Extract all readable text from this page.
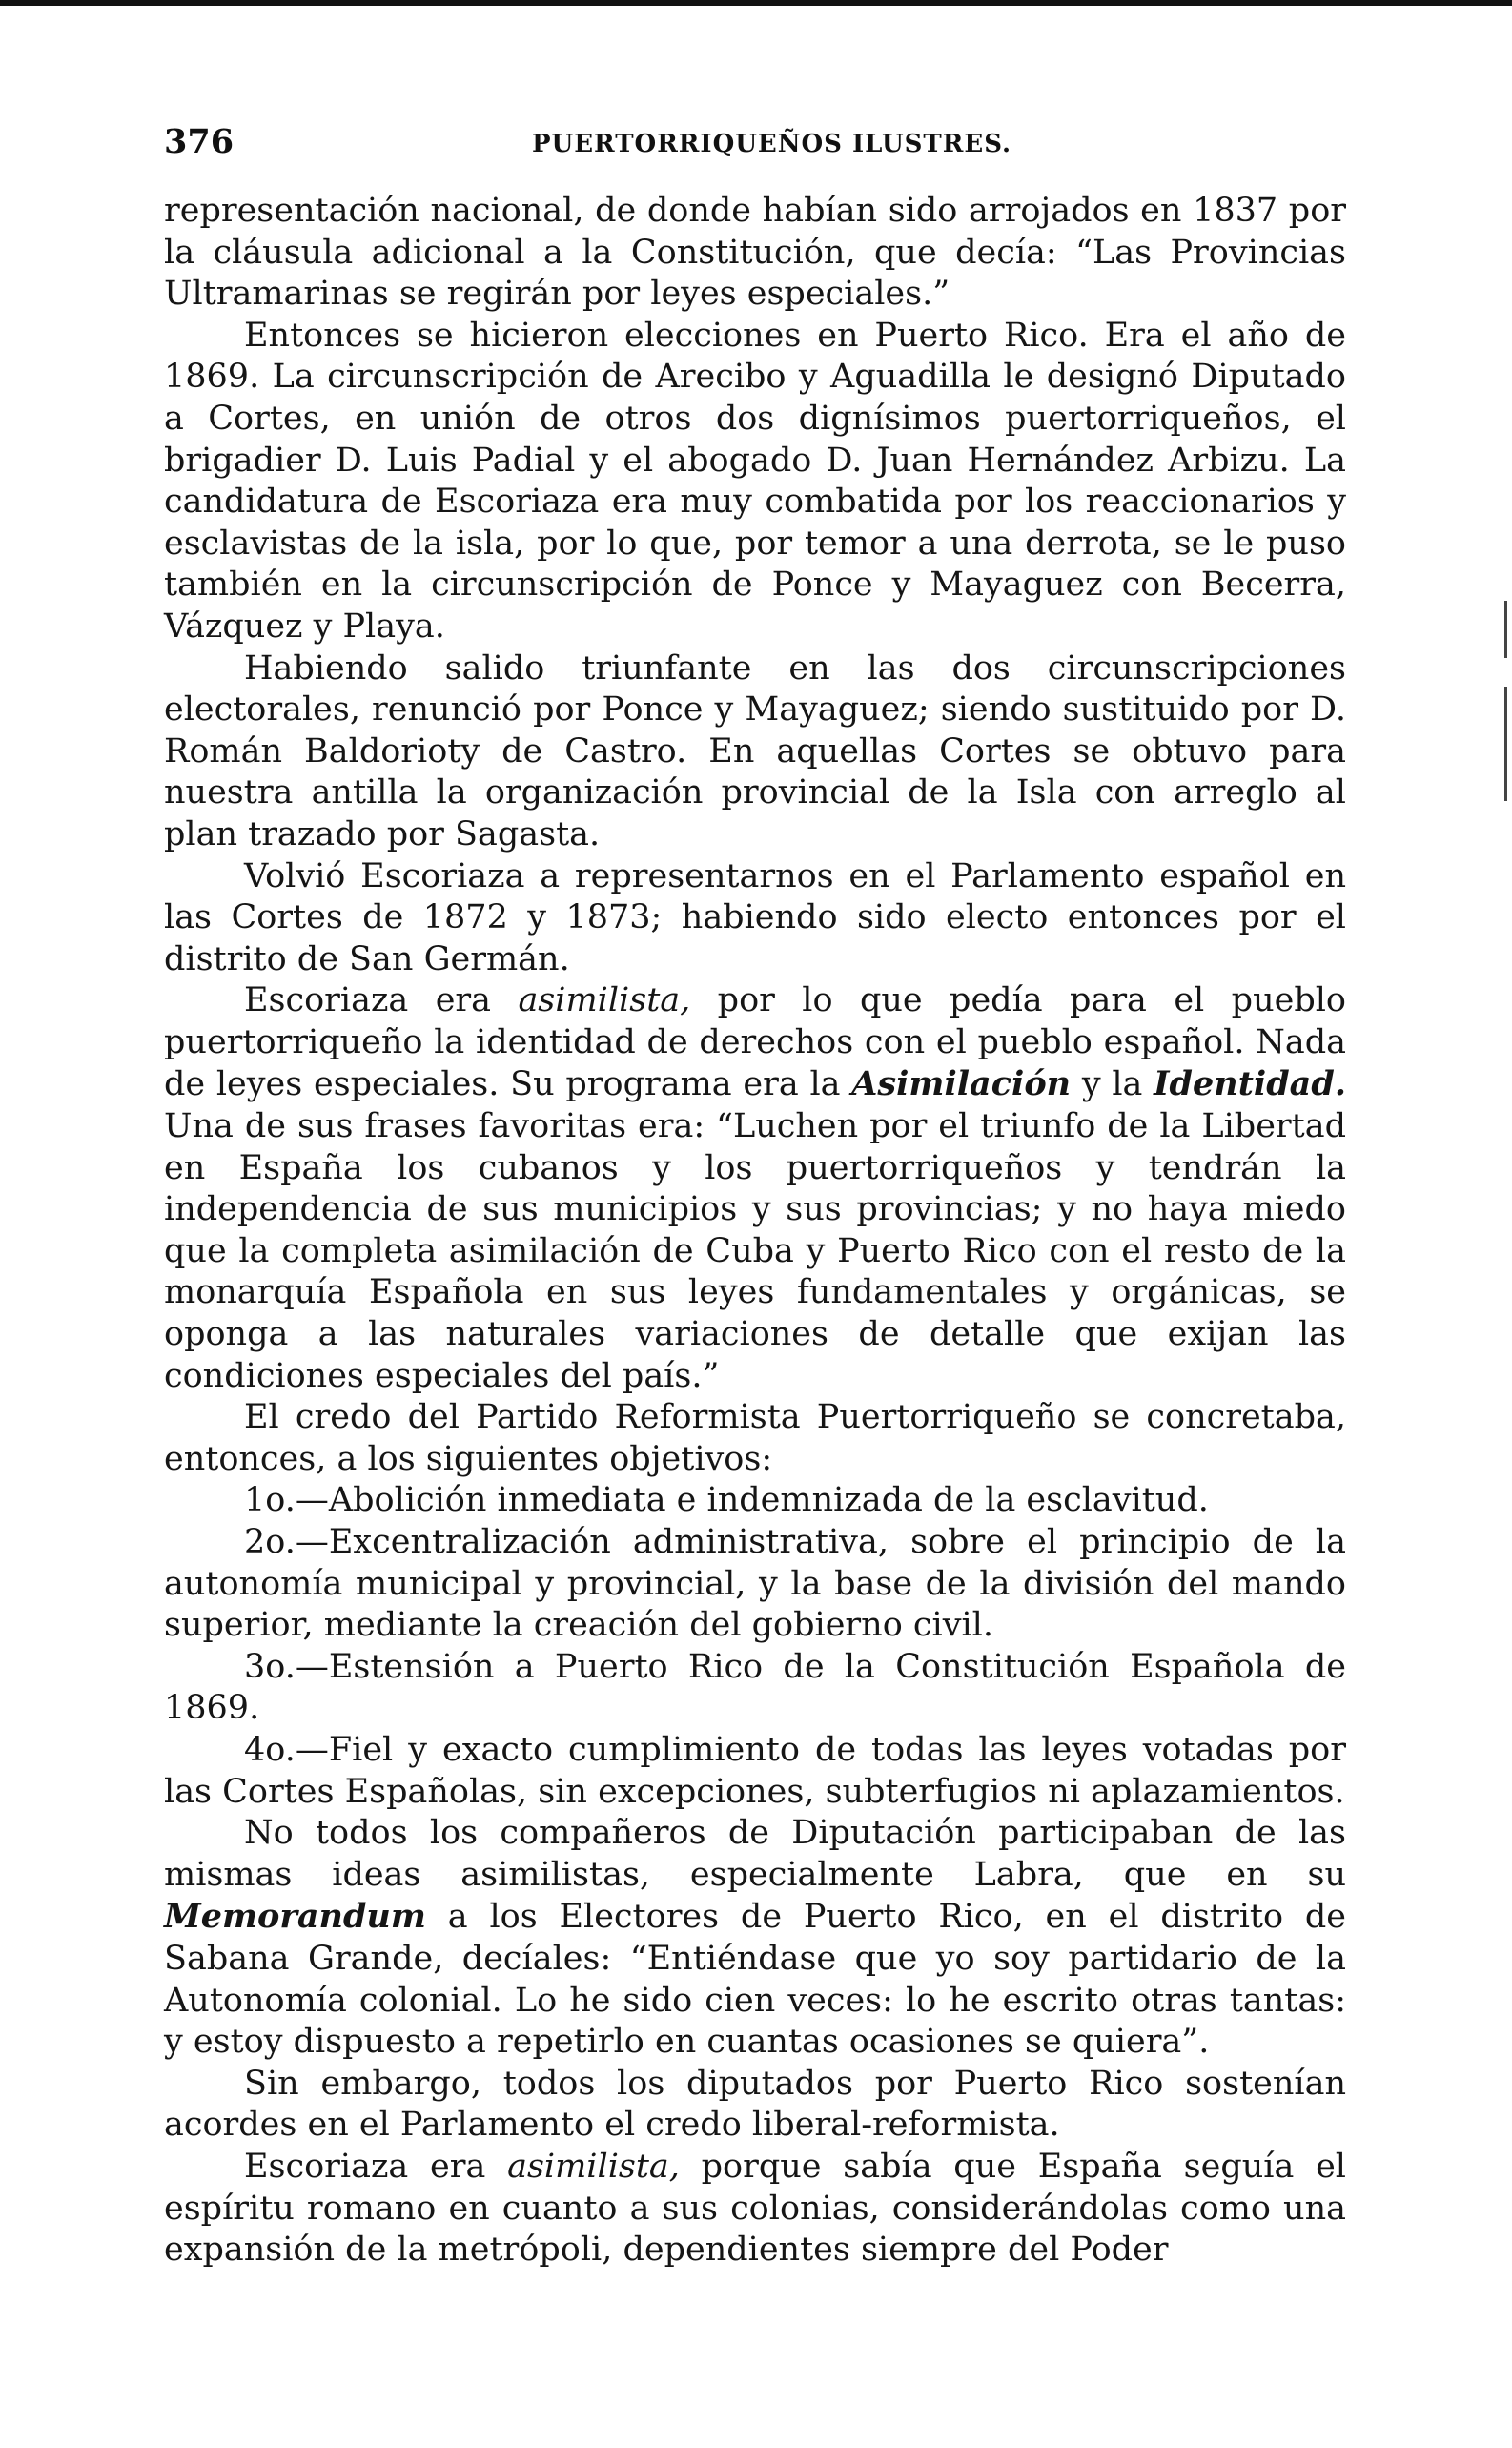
376	PUERTORRIQUEÑOS ILUSTRES.

representación nacional, de donde habían sido arrojados en 1837 por la cláusula adicional a la Constitución, que decía: “Las Provincias Ultramarinas se regirán por leyes especiales.”

Entonces se hicieron elecciones en Puerto Rico. Era el año de 1869. La circunscripción de Arecibo y Aguadilla le designó Diputado a Cortes, en unión de otros dos dignísimos puertorriqueños, el brigadier D. Luis Padial y el abogado D. Juan Hernández Arbizu. La candidatura de Escoriaza era muy combatida por los reaccionarios y esclavistas de la isla, por lo que, por temor a una derrota, se le puso también en la circunscripción de Ponce y Mayaguez con Becerra, Vázquez y Playa.

Habiendo salido triunfante en las dos circunscripciones electorales, renunció por Ponce y Mayaguez; siendo sustituido por D. Román Baldorioty de Castro. En aquellas Cortes se obtuvo para nuestra antilla la organización provincial de la Isla con arreglo al plan trazado por Sagasta.

Volvió Escoriaza a representarnos en el Parlamento español en las Cortes de 1872 y 1873; habiendo sido electo entonces por el distrito de San Germán.

Escoriaza era asimilista, por lo que pedía para el pueblo puertorriqueño la identidad de derechos con el pueblo español. Nada de leyes especiales. Su programa era la Asimilación y la Identidad. Una de sus frases favoritas era: “Luchen por el triunfo de la Libertad en España los cubanos y los puertorriqueños y tendrán la independencia de sus municipios y sus provincias; y no haya miedo que la completa asimilación de Cuba y Puerto Rico con el resto de la monarquía Española en sus leyes fundamentales y orgánicas, se oponga a las naturales variaciones de detalle que exijan las condiciones especiales del país.”

El credo del Partido Reformista Puertorriqueño se concretaba, entonces, a los siguientes objetivos:

1o.—Abolición inmediata e indemnizada de la esclavitud.

2o.—Excentralización administrativa, sobre el principio de la autonomía municipal y provincial, y la base de la división del mando superior, mediante la creación del gobierno civil.

3o.—Estensión a Puerto Rico de la Constitución Española de 1869.

4o.—Fiel y exacto cumplimiento de todas las leyes votadas por las Cortes Españolas, sin excepciones, subterfugios ni aplazamientos.

No todos los compañeros de Diputación participaban de las mismas ideas asimilistas, especialmente Labra, que en su Memorandum a los Electores de Puerto Rico, en el distrito de Sabana Grande, decíales: “Entiéndase que yo soy partidario de la Autonomía colonial. Lo he sido cien veces: lo he escrito otras tantas: y estoy dispuesto a repetirlo en cuantas ocasiones se quiera”.

Sin embargo, todos los diputados por Puerto Rico sostenían acordes en el Parlamento el credo liberal-reformista.

Escoriaza era asimilista, porque sabía que España seguía el espíritu romano en cuanto a sus colonias, considerándolas como una expansión de la metrópoli, dependientes siempre del Poder
